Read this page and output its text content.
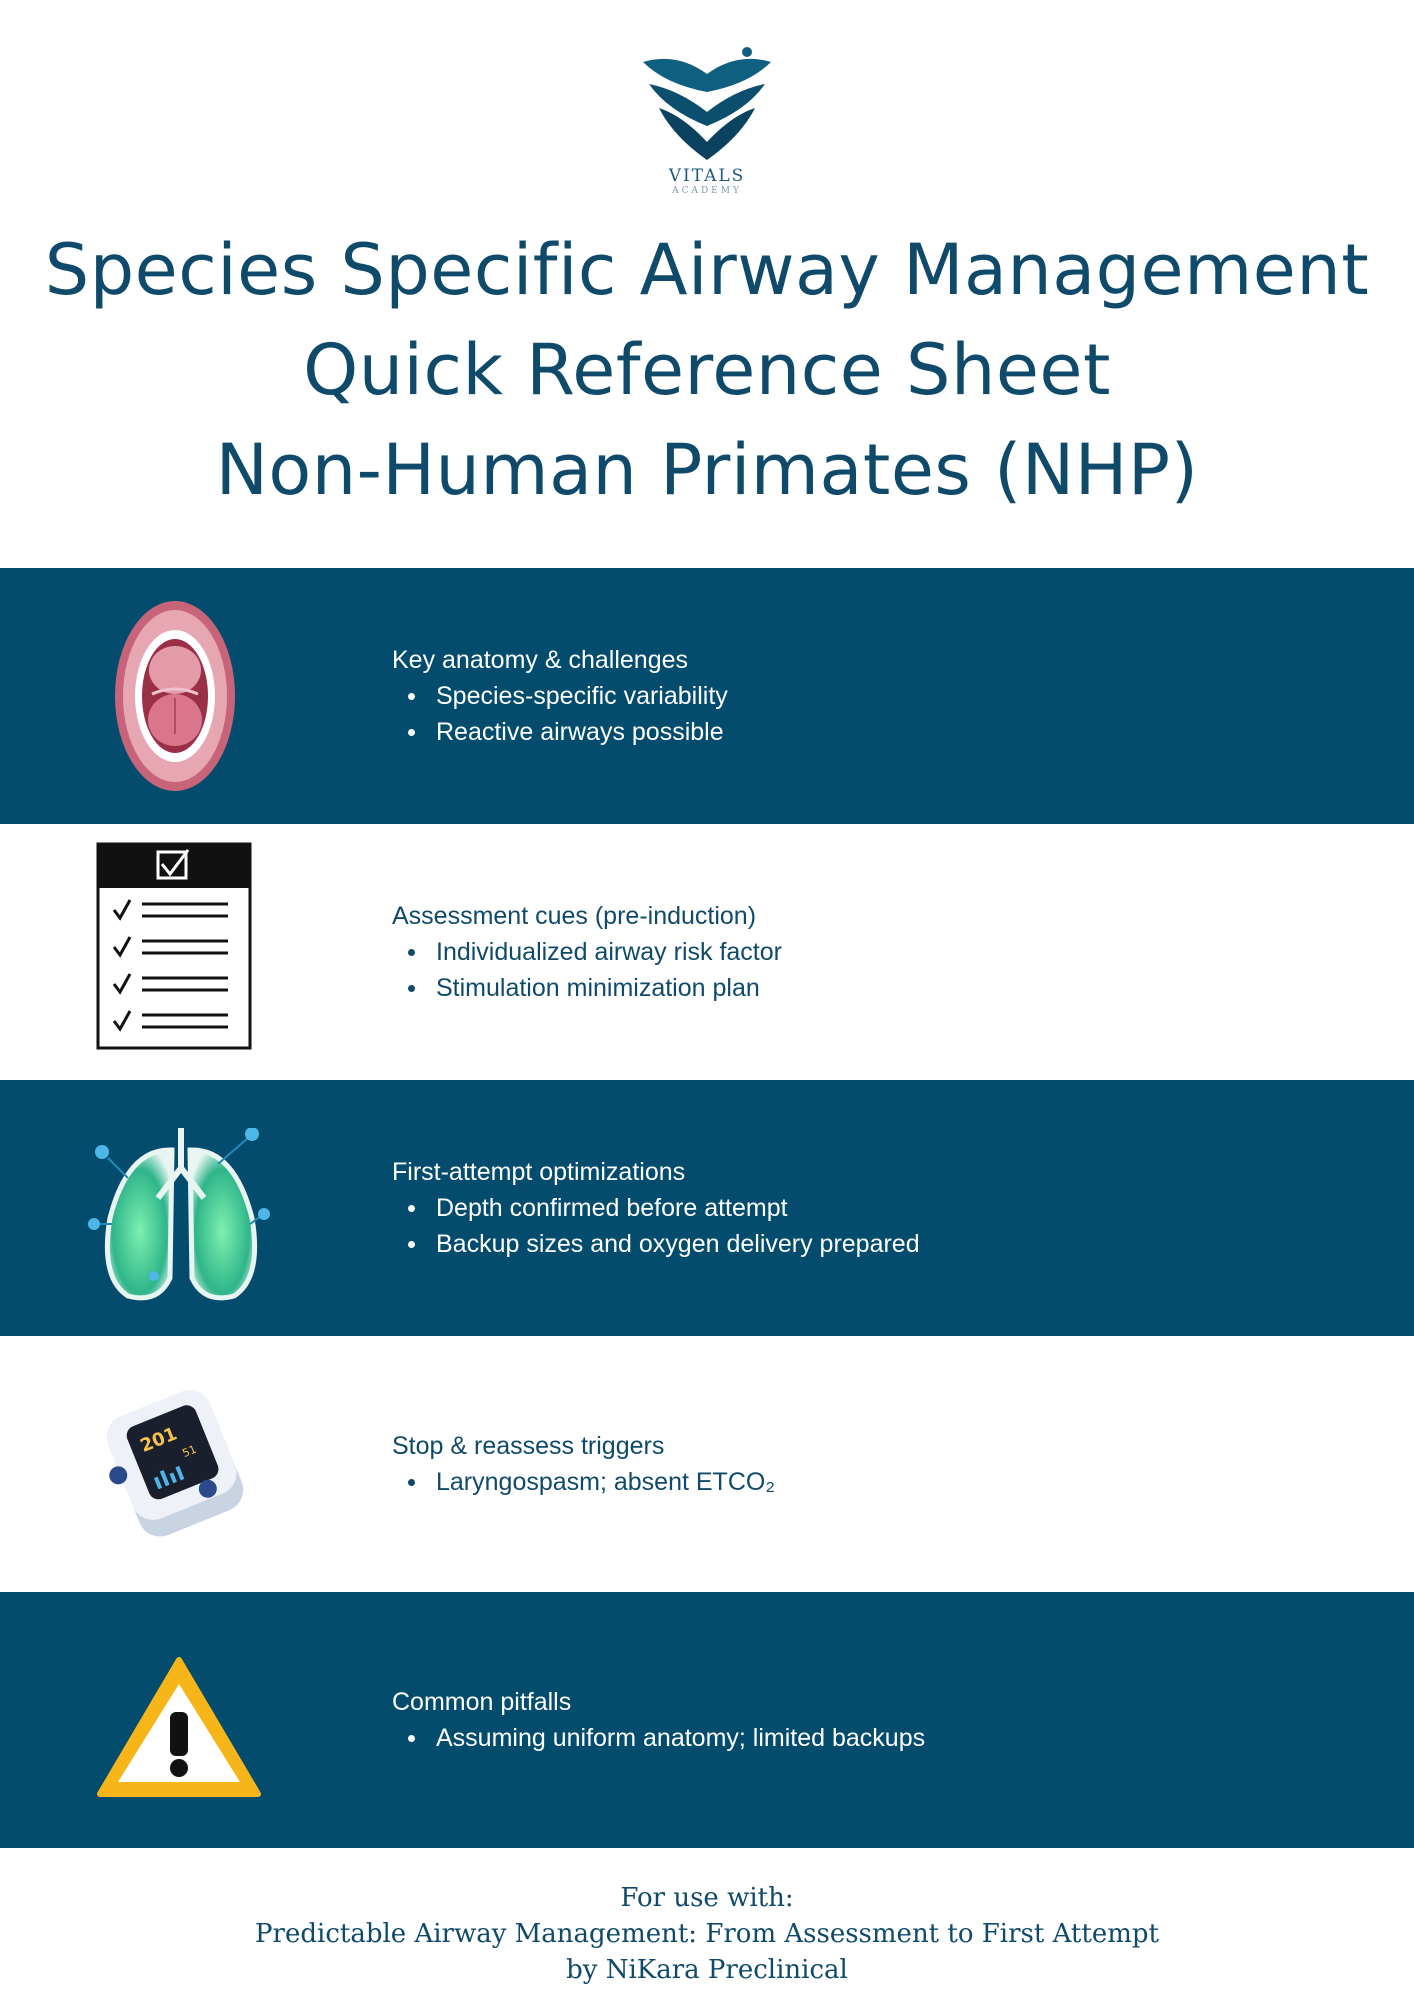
VITALS
ACADEMY
Species Specific Airway Management
Quick Reference Sheet
Non-Human Primates (NHP)
Key anatomy & challenges
Species-specific variability
Reactive airways possible
Assessment cues (pre-induction)
Individualized airway risk factor
Stimulation minimization plan
First-attempt optimizations
Depth confirmed before attempt
Backup sizes and oxygen delivery prepared
201 51	Stop & reassess triggers
Laryngospasm; absent ETCO₂
Common pitfalls
Assuming uniform anatomy; limited backups
For use with:
Predictable Airway Management: From Assessment to First Attempt
by NiKara Preclinical
